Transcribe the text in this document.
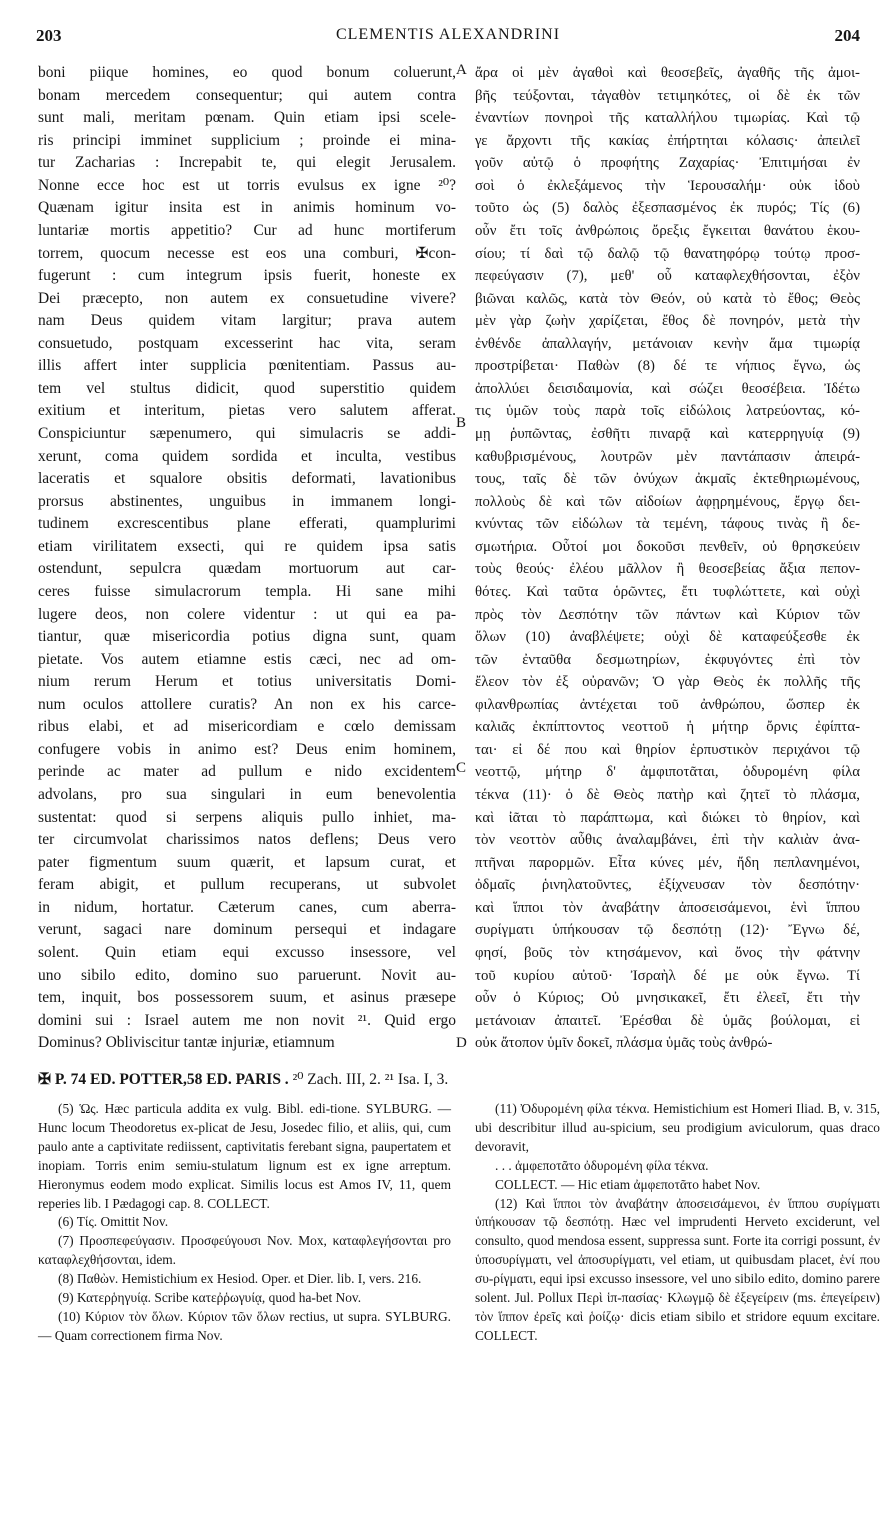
203	CLEMENTIS ALEXANDRINI	204
boni piique homines, eo quod bonum coluerunt,
bonam mercedem consequentur; qui autem contra
sunt mali, meritam pœnam. Quin etiam ipsi scele-
ris principi imminet supplicium ; proinde ei mina-
tur Zacharias : Increpabit te, qui elegit Jerusalem.
Nonne ecce hoc est ut torris evulsus ex igne ²⁰?
Quænam igitur insita est in animis hominum vo-
luntariæ mortis appetitio? Cur ad hunc mortiferum
torrem, quocum necesse est eos una comburi, ✠con-
fugerunt : cum integrum ipsis fuerit, honeste ex
Dei præcepto, non autem ex consuetudine vivere?
nam Deus quidem vitam largitur; prava autem
consuetudo, postquam excesserint hac vita, seram
illis affert inter supplicia pœnitentiam. Passus au-
tem vel stultus didicit, quod superstitio quidem
exitium et interitum, pietas vero salutem afferat.
Conspiciuntur sæpenumero, qui simulacris se addi-
xerunt, coma quidem sordida et inculta, vestibus
laceratis et squalore obsitis deformati, lavationibus
prorsus abstinentes, unguibus in immanem longi-
tudinem excrescentibus plane efferati, quamplurimi
etiam virilitatem exsecti, qui re quidem ipsa satis
ostendunt, sepulcra quædam mortuorum aut car-
ceres fuisse simulacrorum templa. Hi sane mihi
lugere deos, non colere videntur : ut qui ea pa-
tiantur, quæ misericordia potius digna sunt, quam
pietate. Vos autem etiamne estis cæci, nec ad om-
nium rerum Herum et totius universitatis Domi-
num oculos attollere curatis? An non ex his carce-
ribus elabi, et ad misericordiam e cœlo demissam
confugere vobis in animo est? Deus enim hominem,
perinde ac mater ad pullum e nido excidentem
advolans, pro sua singulari in eum benevolentia
sustentat: quod si serpens aliquis pullo inhiet, ma-
ter circumvolat charissimos natos deflens; Deus vero
pater figmentum suum quærit, et lapsum curat, et
feram abigit, et pullum recuperans, ut subvolet
in nidum, hortatur. Cæterum canes, cum aberra-
verunt, sagaci nare dominum persequi et indagare
solent. Quin etiam equi excusso insessore, vel
uno sibilo edito, domino suo paruerunt. Novit au-
tem, inquit, bos possessorem suum, et asinus præsepe
domini sui : Israel autem me non novit ²¹. Quid ergo
Dominus? Obliviscitur tantæ injuriæ, etiamnum
ἄρα οἱ μὲν ἀγαθοὶ καὶ θεοσεβεῖς, ἀγαθῆς τῆς ἀμοι-
βῆς τεύξονται, τἀγαθὸν τετιμηκότες, οἱ δὲ ἐκ τῶν
ἐναντίων πονηροὶ τῆς καταλλήλου τιμωρίας. Καὶ τῷ
γε ἄρχοντι τῆς κακίας ἐπήρτηται κόλασις· ἀπειλεῖ
γοῦν αὐτῷ ὁ προφήτης Ζαχαρίας· Ἐπιτιμήσαι ἐν
σοὶ ὁ ἐκλεξάμενος τὴν Ἱερουσαλήμ· οὐκ ἰδοὺ
τοῦτο ὡς (5) δαλὸς ἐξεσπασμένος ἐκ πυρός; Τίς (6)
οὖν ἔτι τοῖς ἀνθρώποις ὄρεξις ἔγκειται θανάτου ἑκου-
σίου; τί δαὶ τῷ δαλῷ τῷ θανατηφόρῳ τούτῳ προσ-
πεφεύγασιν (7), μεθ' οὗ καταφλεχθήσονται, ἐξὸν
βιῶναι καλῶς, κατὰ τὸν Θεόν, οὐ κατὰ τὸ ἔθος; Θεὸς
μὲν γὰρ ζωὴν χαρίζεται, ἔθος δὲ πονηρόν, μετὰ τὴν
ἐνθένδε ἀπαλλαγήν, μετάνοιαν κενὴν ἅμα τιμωρίᾳ
προστρίβεται· Παθὼν (8) δέ τε νήπιος ἔγνω, ὡς
ἀπολλύει δεισιδαιμονία, καὶ σώζει θεοσέβεια. Ἰδέτω
τις ὑμῶν τοὺς παρὰ τοῖς εἰδώλοις λατρεύοντας, κό-
μῃ ῥυπῶντας, ἐσθῆτι πιναρᾷ καὶ κατερρηγυίᾳ (9)
καθυβρισμένους, λουτρῶν μὲν παντάπασιν ἀπειρά-
τους, ταῖς δὲ τῶν ὀνύχων ἀκμαῖς ἐκτεθηριωμένους,
πολλοὺς δὲ καὶ τῶν αἰδοίων ἀφῃρημένους, ἔργῳ δει-
κνύντας τῶν εἰδώλων τὰ τεμένη, τάφους τινὰς ἢ δε-
σμωτήρια. Οὗτοί μοι δοκοῦσι πενθεῖν, οὐ θρησκεύειν
τοὺς θεούς· ἐλέου μᾶλλον ἢ θεοσεβείας ἄξια πεπον-
θότες. Καὶ ταῦτα ὁρῶντες, ἔτι τυφλώττετε, καὶ οὐχὶ
πρὸς τὸν Δεσπότην τῶν πάντων καὶ Κύριον τῶν
ὅλων (10) ἀναβλέψετε; οὐχὶ δὲ καταφεύξεσθε ἐκ
τῶν ἐνταῦθα δεσμωτηρίων, ἐκφυγόντες ἐπὶ τὸν
ἔλεον τὸν ἐξ οὐρανῶν; Ὁ γὰρ Θεὸς ἐκ πολλῆς τῆς
φιλανθρωπίας ἀντέχεται τοῦ ἀνθρώπου, ὥσπερ ἐκ
καλιᾶς ἐκπίπτοντος νεοττοῦ ἡ μήτηρ ὄρνις ἐφίπτα-
ται· εἰ δέ που καὶ θηρίον ἑρπυστικὸν περιχάνοι τῷ
νεοττῷ, μήτηρ δ' ἀμφιποτᾶται, ὀδυρομένη φίλα
τέκνα (11)· ὁ δὲ Θεὸς πατὴρ καὶ ζητεῖ τὸ πλάσμα,
καὶ ἰᾶται τὸ παράπτωμα, καὶ διώκει τὸ θηρίον, καὶ
τὸν νεοττὸν αὖθις ἀναλαμβάνει, ἐπὶ τὴν καλιὰν ἀνα-
πτῆναι παρορμῶν. Εἶτα κύνες μέν, ἤδη πεπλανημένοι,
ὀδμαῖς ῥινηλατοῦντες, ἐξίχνευσαν τὸν δεσπότην·
καὶ ἵπποι τὸν ἀναβάτην ἀποσεισάμενοι, ἑνὶ ἵππου
συρίγματι ὑπήκουσαν τῷ δεσπότῃ (12)· Ἔγνω δέ,
φησί, βοῦς τὸν κτησάμενον, καὶ ὄνος τὴν φάτνην
τοῦ κυρίου αὐτοῦ· Ἰσραὴλ δέ με οὐκ ἔγνω. Τί
οὖν ὁ Κύριος; Οὐ μνησικακεῖ, ἔτι ἐλεεῖ, ἔτι τὴν
μετάνοιαν ἀπαιτεῖ. Ἐρέσθαι δὲ ὑμᾶς βούλομαι, εἰ
οὐκ ἄτοπον ὑμῖν δοκεῖ, πλάσμα ὑμᾶς τοὺς ἀνθρώ-
A
B
C
D
✠ P. 74 ED. POTTER,58 ED. PARIS . ²⁰ Zach. III, 2. ²¹ Isa. I, 3.
(5) Ὡς. Hæc particula addita ex vulg. Bibl. edi-tione. SYLBURG. — Hunc locum Theodoretus ex-plicat de Jesu, Josedec filio, et aliis, qui, cum paulo ante a captivitate rediissent, captivitatis ferebant signa, paupertatem et inopiam. Torris enim semiu-stulatum lignum est ex igne arreptum. Hieronymus eodem modo explicat. Similis locus est Amos IV, 11, quem reperies lib. I Pædagogi cap. 8. COLLECT.
(6) Τίς. Omittit Nov.
(7) Προσπεφεύγασιν. Προσφεύγουσι Nov. Mox, καταφλεγήσονται pro καταφλεχθήσονται, idem.
(8) Παθὼν. Hemistichium ex Hesiod. Oper. et Dier. lib. I, vers. 216.
(9) Κατερῥηγυίᾳ. Scribe κατεῤῥωγυίᾳ, quod ha-bet Nov.
(10) Κύριον τὸν ὅλων. Κύριον τῶν ὅλων rectius, ut supra. SYLBURG. — Quam correctionem firma Nov.
(11) Ὀδυρομένη φίλα τέκνα. Hemistichium est Homeri Iliad. B, v. 315, ubi describitur illud au-spicium, seu prodigium aviculorum, quas draco devoravit,
. . . ἀμφεποτᾶτο ὀδυρομένη φίλα τέκνα.
COLLECT. — Hic etiam ἀμφεποτᾶτο habet Nov.
(12) Καὶ ἵπποι τὸν ἀναβάτην ἀποσεισάμενοι, ἐν ἵππου συρίγματι ὑπήκουσαν τῷ δεσπότῃ. Hæc vel imprudenti Herveto exciderunt, vel consulto, quod mendosa essent, suppressa sunt. Forte ita corrigi possunt, ἐν ὑποσυρίγματι, vel ἀποσυρίγματι, vel etiam, ut quibusdam placet, ἑνί που συ-ρίγματι, equi ipsi excusso insessore, vel uno sibilo edito, domino parere solent. Jul. Pollux Περὶ ἱπ-πασίας· Κλωγμῷ δὲ ἐξεγείρειν (ms. ἐπεγείρειν) τὸν ἵππον ἐρεῖς καὶ ῥοίζῳ· dicis etiam sibilo et stridore equum excitare. COLLECT.
